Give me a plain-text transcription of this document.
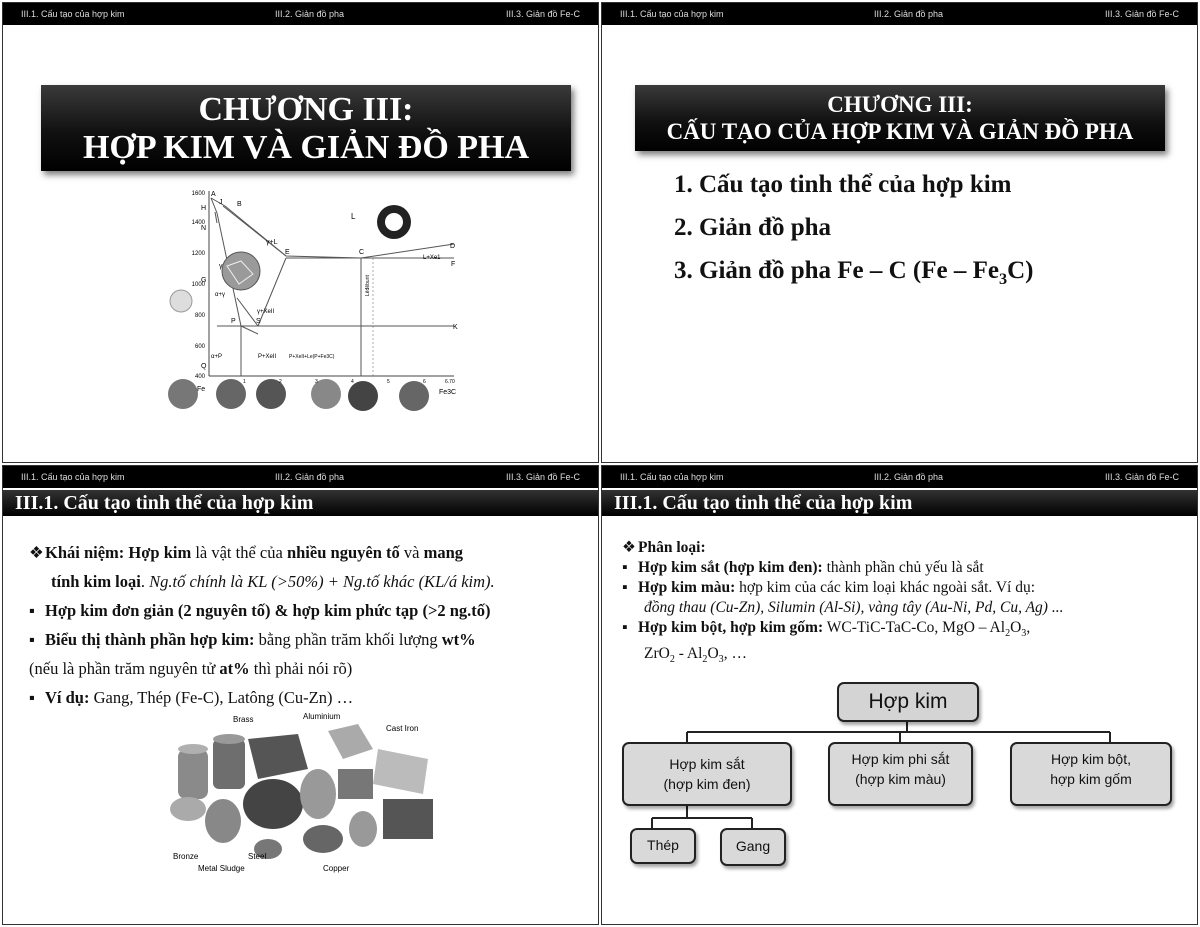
III.1. Cấu tạo của hợp kim	III.2. Giản đồ pha	III.3. Giản đồ Fe-C
CHƯƠNG III:
HỢP KIM VÀ GIẢN ĐỒ PHA
1600
1400
1200
1000
800
600
400
A
B
H
J
N
E	C
F
D
G
S
P
K
Q
L
γ+L
γ
α+γ
L+Xe1
γ+XeII
P+XeII
α+P
Lêđêburit
P+XeII+Le(P+Fe3C)
Fe	Fe3C
1	2	3	4	5	6	6.70
III.1. Cấu tạo của hợp kim	III.2. Giản đồ pha	III.3. Giản đồ Fe-C
CHƯƠNG III:
CẤU TẠO CỦA HỢP KIM VÀ GIẢN ĐỒ PHA
1. Cấu tạo tinh thể của hợp kim
2. Giản đồ pha
3. Giản đồ pha Fe – C $(Fe - Fe_3C)$
III.1. Cấu tạo của hợp kim	III.2. Giản đồ pha	III.3. Giản đồ Fe-C
III.1. Cấu tạo tinh thể của hợp kim
❖Khái niệm: Hợp kim là vật thể của nhiều nguyên tố và mang
tính kim loại. Ng.tố chính là KL (>50%) + Ng.tố khác (KL/á kim).
▪ Hợp kim đơn giản (2 nguyên tố) & hợp kim phức tạp (>2 ng.tố)
▪ Biểu thị thành phần hợp kim: bằng phần trăm khối lượng wt%
(nếu là phần trăm nguyên tử at% thì phải nói rõ)
▪ Ví dụ: Gang, Thép (Fe-C), Latông (Cu-Zn) …
Brass	Aluminium
Cast Iron
Bronze	Steel
Metal Sludge	Copper
III.1. Cấu tạo của hợp kim	III.2. Giản đồ pha	III.3. Giản đồ Fe-C
III.1. Cấu tạo tinh thể của hợp kim
❖ Phân loại:
▪ Hợp kim sắt (hợp kim đen): thành phần chủ yếu là sắt
▪ Hợp kim màu: hợp kim của các kim loại khác ngoài sắt. Ví dụ:
đồng thau (Cu-Zn), Silumin (Al-Si), vàng tây (Au-Ni, Pd, Cu, Ag) ...
▪ Hợp kim bột, hợp kim gốm: WC-TiC-TaC-Co, MgO – $Al_2O_3$,
$ZrO_2 - Al_2O_3$, …
Hợp kim
Hợp kim sắt
(hợp kim đen)
Hợp kim phi sắt
(hợp kim màu)
Hợp kim bột,
hợp kim gốm
Thép	Gang
